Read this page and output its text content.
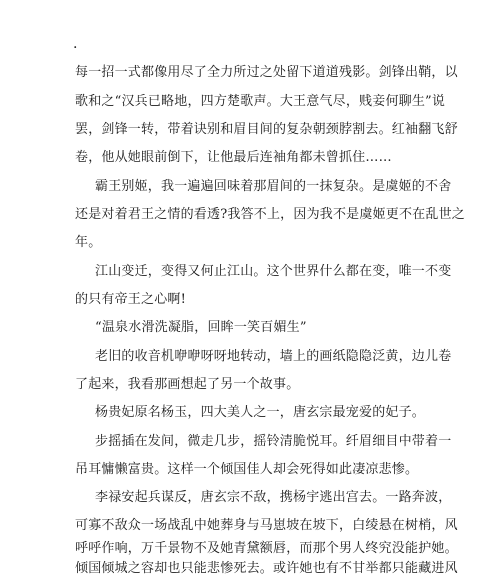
.
每一招一式都像用尽了全力所过之处留下道道残影。剑锋出鞘，以
歌和之“汉兵已略地，四方楚歌声。大王意气尽，贱妾何聊生”说
罢，剑锋一转，带着诀别和眉目间的复杂朝颈脖割去。红袖翻飞舒
卷，他从她眼前倒下，让他最后连袖角都未曾抓住……
霸王别姬，我一遍遍回味着那眉间的一抹复杂。是虞姬的不舍
还是对着君王之情的看透?我答不上，因为我不是虞姬更不在乱世之
年。
江山变迁，变得又何止江山。这个世界什么都在变，唯一不变
的只有帝王之心啊!
“温泉水滑洗凝脂，回眸一笑百媚生”
老旧的收音机咿咿呀呀地转动，墙上的画纸隐隐泛黄，边儿卷
了起来，我看那画想起了另一个故事。
杨贵妃原名杨玉，四大美人之一，唐玄宗最宠爱的妃子。
步摇插在发间，微走几步，摇铃清脆悦耳。纤眉细目中带着一
吊耳慵懒富贵。这样一个倾国佳人却会死得如此凄凉悲惨。
李禄安起兵谋反，唐玄宗不敌，携杨宇逃出宫去。一路奔波，
可寡不敌众一场战乱中她葬身与马崽坡在坡下，白绫悬在树梢，风
呼呼作响，万千景物不及她青黛额唇，而那个男人终究没能护她。
倾国倾城之容却也只能悲惨死去。或许她也有不甘举都只能藏进风
